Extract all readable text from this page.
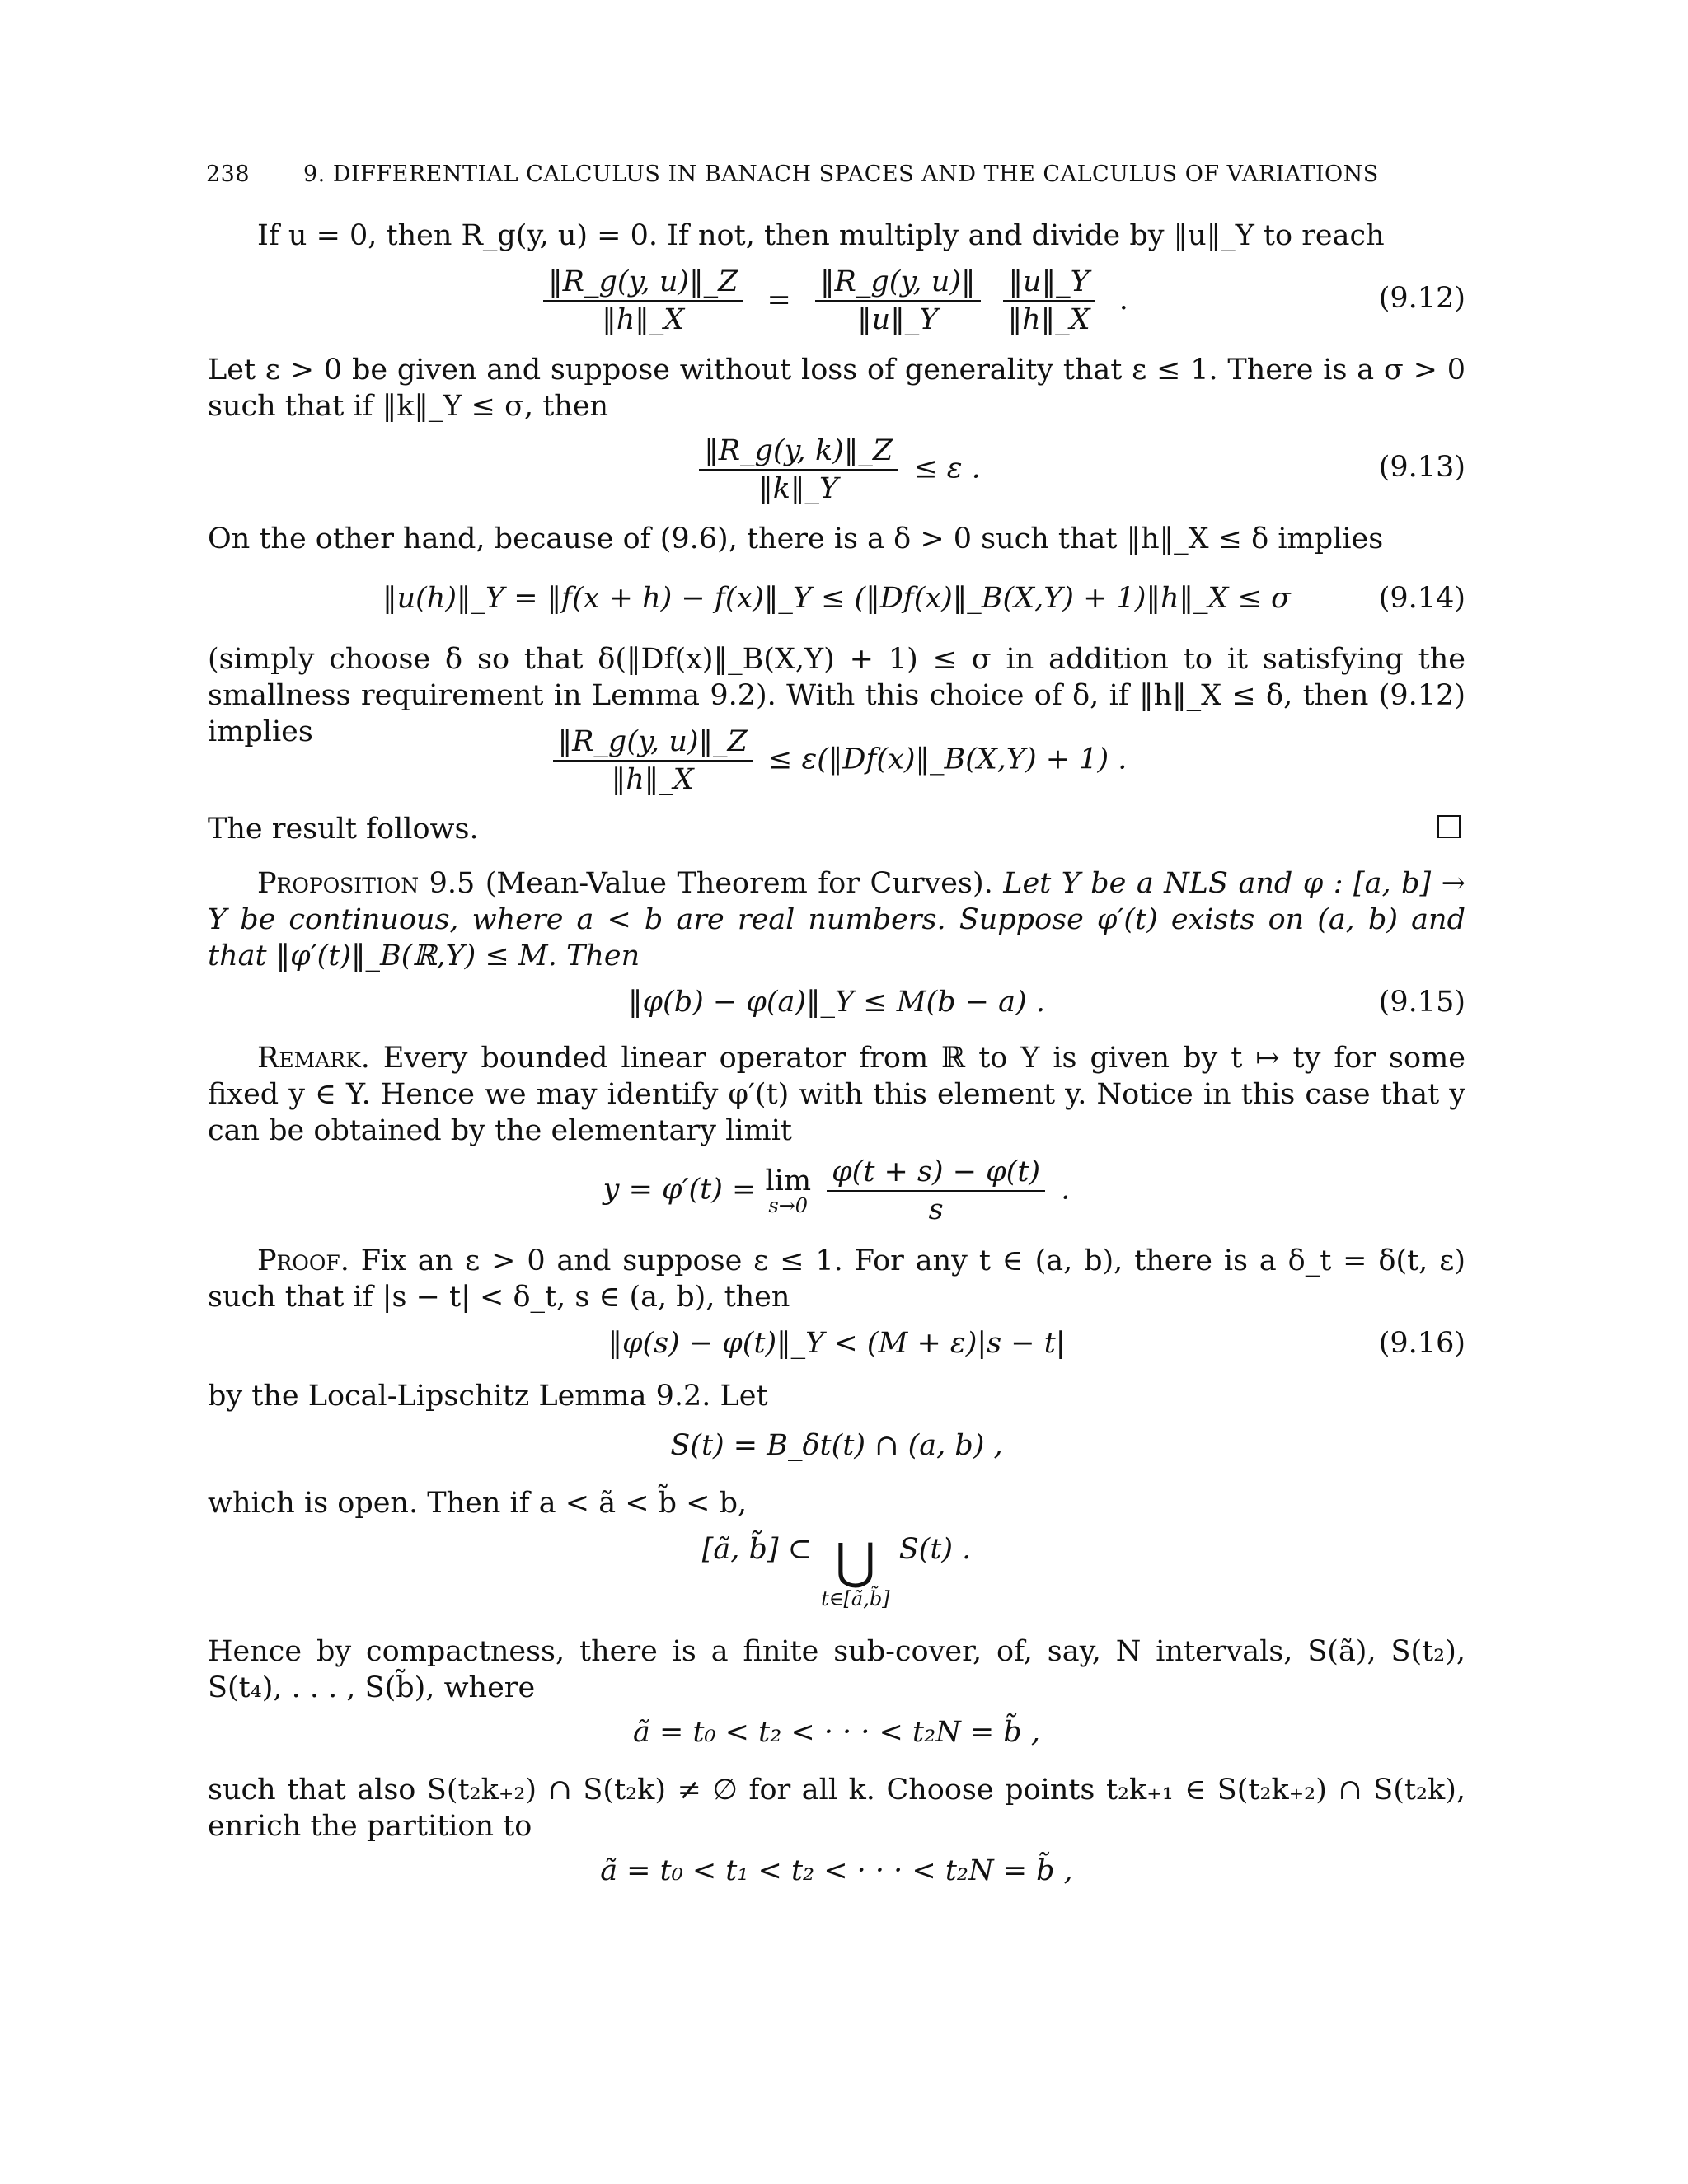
238 9. DIFFERENTIAL CALCULUS IN BANACH SPACES AND THE CALCULUS OF VARIATIONS
If u = 0, then R_g(y, u) = 0. If not, then multiply and divide by ‖u‖_Y to reach
$\frac{‖R\_g(y, u)‖\_Z}{‖h‖\_X} = \frac{‖R\_g(y, u)‖}{‖u‖\_Y}$
$\frac{‖u‖\_Y}{‖h‖\_X}$ .	(9.12)
Let ε > 0 be given and suppose without loss of generality that ε ≤ 1. There is a σ > 0 such that if ‖k‖_Y ≤ σ, then
$\frac{‖R\_g(y, k)‖\_Z}{‖k‖\_Y} \le \varepsilon$ .	(9.13)
On the other hand, because of (9.6), there is a δ > 0 such that ‖h‖_X ≤ δ implies
‖u(h)‖_Y = ‖f(x + h) − f(x)‖_Y ≤ (‖Df(x)‖_B(X,Y) + 1)‖h‖_X ≤ σ	(9.14)
(simply choose δ so that δ(‖Df(x)‖_B(X,Y) + 1) ≤ σ in addition to it satisfying the smallness requirement in Lemma 9.2). With this choice of δ, if ‖h‖_X ≤ δ, then (9.12) implies	$\frac{‖R\_g(y, u)‖\_Z}{‖h‖\_X}$ ≤ ε(‖Df(x)‖_B(X,Y) + 1) .
The result follows.
Proposition 9.5 (Mean-Value Theorem for Curves). Let Y be a NLS and φ : [a, b] → Y be continuous, where a < b are real numbers. Suppose φ′(t) exists on (a, b) and that ‖φ′(t)‖_B(ℝ,Y) ≤ M. Then
‖φ(b) − φ(a)‖_Y ≤ M(b − a) .	(9.15)
Remark. Every bounded linear operator from ℝ to Y is given by t ↦ ty for some fixed y ∈ Y. Hence we may identify φ′(t) with this element y. Notice in this case that y can be obtained by the elementary limit
y = φ′(t) = lim
s→0
$\frac{\varphi(t + s) - \varphi(t)}{s}$ .
Proof. Fix an ε > 0 and suppose ε ≤ 1. For any t ∈ (a, b), there is a δ_t = δ(t, ε) such that if |s − t| < δ_t, s ∈ (a, b), then
‖φ(s) − φ(t)‖_Y < (M + ε)|s − t|	(9.16)
by the Local-Lipschitz Lemma 9.2. Let
S(t) = B_δt(t) ∩ (a, b) ,
which is open. Then if a < ã < b̃ < b,
[ã, b̃] ⊂ ⋃
t∈[ã,b̃]
S(t) .
Hence by compactness, there is a finite sub-cover, of, say, N intervals, S(ã), S(t₂), S(t₄), . . . , S(b̃), where
ã = t₀ < t₂ < · · · < t₂N = b̃ ,
such that also S(t₂k₊₂) ∩ S(t₂k) ≠ ∅ for all k. Choose points t₂k₊₁ ∈ S(t₂k₊₂) ∩ S(t₂k), enrich the partition to
ã = t₀ < t₁ < t₂ < · · · < t₂N = b̃ ,
